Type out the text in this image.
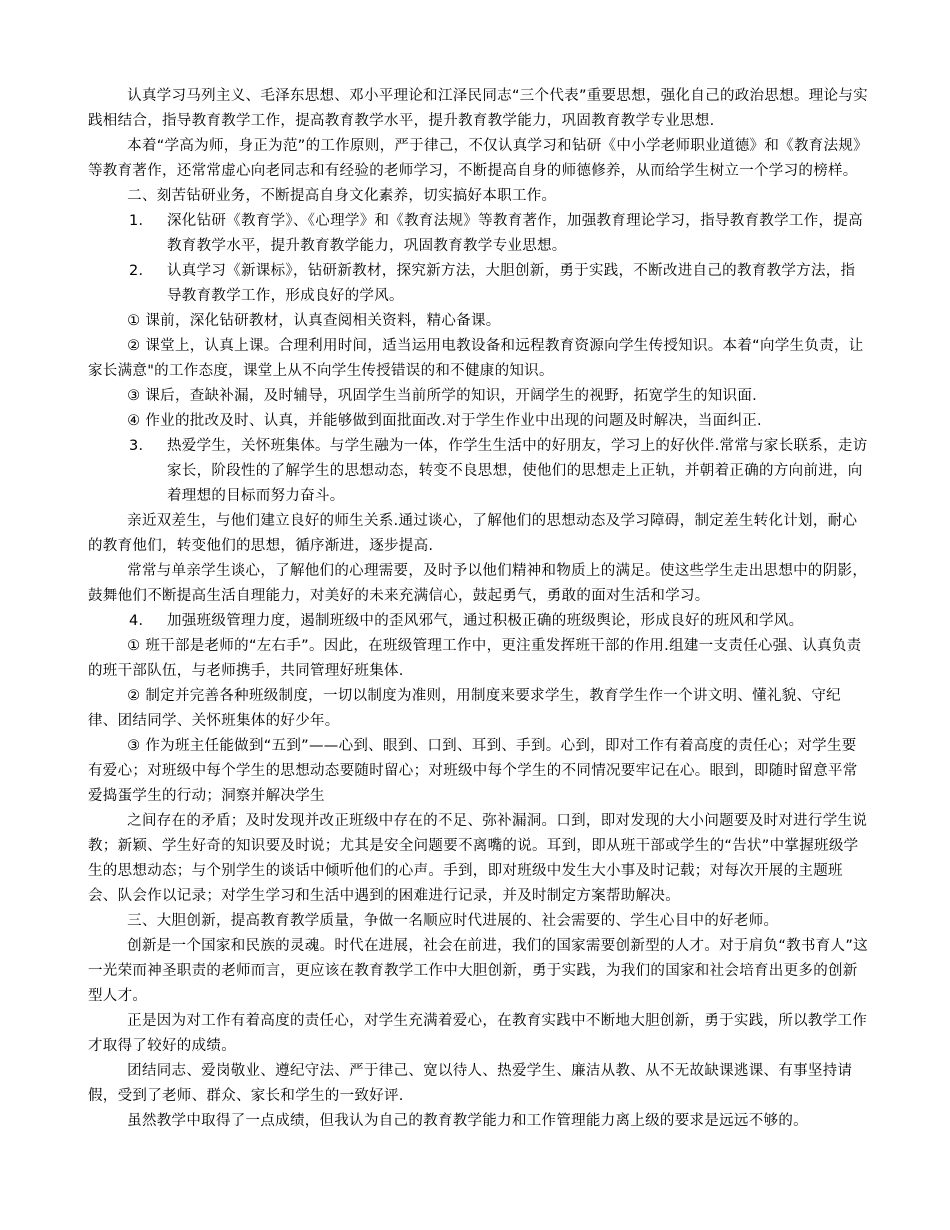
认真学习马列主义、毛泽东思想、邓小平理论和江泽民同志“三个代表”重要思想，强化自己的政治思想。理论与实践相结合，指导教育教学工作，提高教育教学水平，提升教育教学能力，巩固教育教学专业思想.

本着“学高为师，身正为范”的工作原则，严于律己，不仅认真学习和钻研《中小学老师职业道德》和《教育法规》等教育著作，还常常虚心向老同志和有经验的老师学习，不断提高自身的师德修养，从而给学生树立一个学习的榜样。

二、刻苦钻研业务，不断提高自身文化素养，切实搞好本职工作。

1． 深化钻研《教育学》、《心理学》和《教育法规》等教育著作，加强教育理论学习，指导教育教学工作，提高教育教学水平，提升教育教学能力，巩固教育教学专业思想。

2． 认真学习《新课标》，钻研新教材，探究新方法，大胆创新，勇于实践，不断改进自己的教育教学方法，指导教育教学工作，形成良好的学风。

① 课前，深化钻研教材，认真查阅相关资料，精心备课。

② 课堂上，认真上课。合理利用时间，适当运用电教设备和远程教育资源向学生传授知识。本着“向学生负责，让家长满意"的工作态度，课堂上从不向学生传授错误的和不健康的知识。

③ 课后，查缺补漏，及时辅导，巩固学生当前所学的知识，开阔学生的视野，拓宽学生的知识面.

④ 作业的批改及时、认真，并能够做到面批面改.对于学生作业中出现的问题及时解决，当面纠正.

3． 热爱学生，关怀班集体。与学生融为一体，作学生生活中的好朋友，学习上的好伙伴.常常与家长联系，走访家长，阶段性的了解学生的思想动态，转变不良思想，使他们的思想走上正轨，并朝着正确的方向前进，向着理想的目标而努力奋斗。

亲近双差生，与他们建立良好的师生关系.通过谈心，了解他们的思想动态及学习障碍，制定差生转化计划，耐心的教育他们，转变他们的思想，循序渐进，逐步提高.

常常与单亲学生谈心，了解他们的心理需要，及时予以他们精神和物质上的满足。使这些学生走出思想中的阴影，鼓舞他们不断提高生活自理能力，对美好的未来充满信心，鼓起勇气，勇敢的面对生活和学习。

4． 加强班级管理力度，遏制班级中的歪风邪气，通过积极正确的班级舆论，形成良好的班风和学风。

① 班干部是老师的“左右手”。因此，在班级管理工作中，更注重发挥班干部的作用.组建一支责任心强、认真负责的班干部队伍，与老师携手，共同管理好班集体.

② 制定并完善各种班级制度，一切以制度为准则，用制度来要求学生，教育学生作一个讲文明、懂礼貌、守纪律、团结同学、关怀班集体的好少年。

③ 作为班主任能做到“五到”——心到、眼到、口到、耳到、手到。心到，即对工作有着高度的责任心；对学生要有爱心；对班级中每个学生的思想动态要随时留心；对班级中每个学生的不同情况要牢记在心。眼到，即随时留意平常爱捣蛋学生的行动；洞察并解决学生

之间存在的矛盾；及时发现并改正班级中存在的不足、弥补漏洞。口到，即对发现的大小问题要及时对进行学生说教；新颖、学生好奇的知识要及时说；尤其是安全问题要不离嘴的说。耳到，即从班干部或学生的“告状”中掌握班级学生的思想动态；与个别学生的谈话中倾听他们的心声。手到，即对班级中发生大小事及时记载；对每次开展的主题班会、队会作以记录；对学生学习和生活中遇到的困难进行记录，并及时制定方案帮助解决。

三、大胆创新，提高教育教学质量，争做一名顺应时代进展的、社会需要的、学生心目中的好老师。

创新是一个国家和民族的灵魂。时代在进展，社会在前进，我们的国家需要创新型的人才。对于肩负“教书育人”这一光荣而神圣职责的老师而言，更应该在教育教学工作中大胆创新，勇于实践，为我们的国家和社会培育出更多的创新型人才。

正是因为对工作有着高度的责任心，对学生充满着爱心，在教育实践中不断地大胆创新，勇于实践，所以教学工作才取得了较好的成绩。

团结同志、爱岗敬业、遵纪守法、严于律己、宽以待人、热爱学生、廉洁从教、从不无故缺课逃课、有事坚持请假，受到了老师、群众、家长和学生的一致好评.

虽然教学中取得了一点成绩，但我认为自己的教育教学能力和工作管理能力离上级的要求是远远不够的。
